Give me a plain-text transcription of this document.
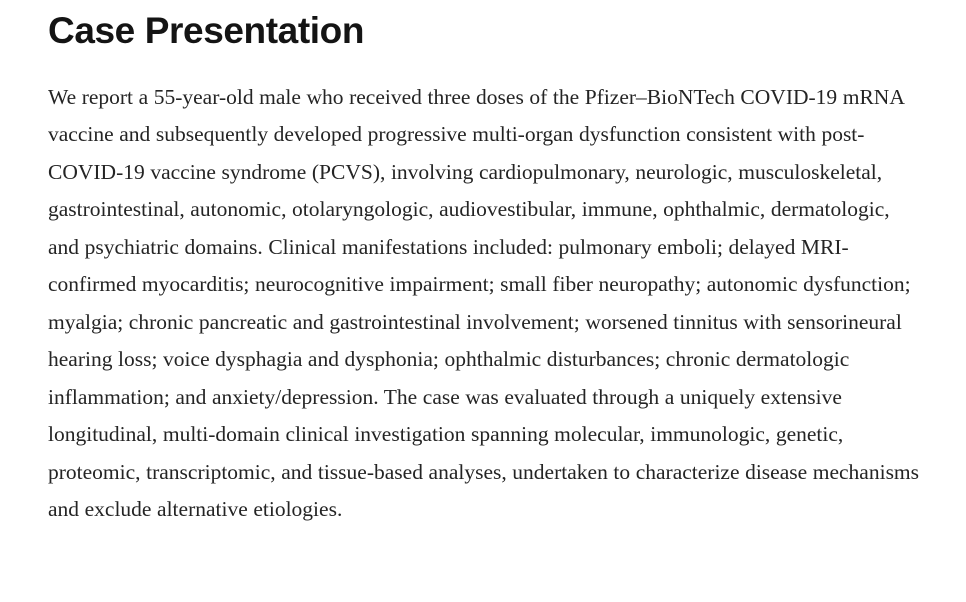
Case Presentation

We report a 55-year-old male who received three doses of the Pfizer–BioNTech COVID-19 mRNA vaccine and subsequently developed progressive multi-organ dysfunction consistent with post-COVID-19 vaccine syndrome (PCVS), involving cardiopulmonary, neurologic, musculoskeletal, gastrointestinal, autonomic, otolaryngologic, audiovestibular, immune, ophthalmic, dermatologic, and psychiatric domains. Clinical manifestations included: pulmonary emboli; delayed MRI-confirmed myocarditis; neurocognitive impairment; small fiber neuropathy; autonomic dysfunction; myalgia; chronic pancreatic and gastrointestinal involvement; worsened tinnitus with sensorineural hearing loss; voice dysphagia and dysphonia; ophthalmic disturbances; chronic dermatologic inflammation; and anxiety/depression. The case was evaluated through a uniquely extensive longitudinal, multi-domain clinical investigation spanning molecular, immunologic, genetic, proteomic, transcriptomic, and tissue-based analyses, undertaken to characterize disease mechanisms and exclude alternative etiologies.
